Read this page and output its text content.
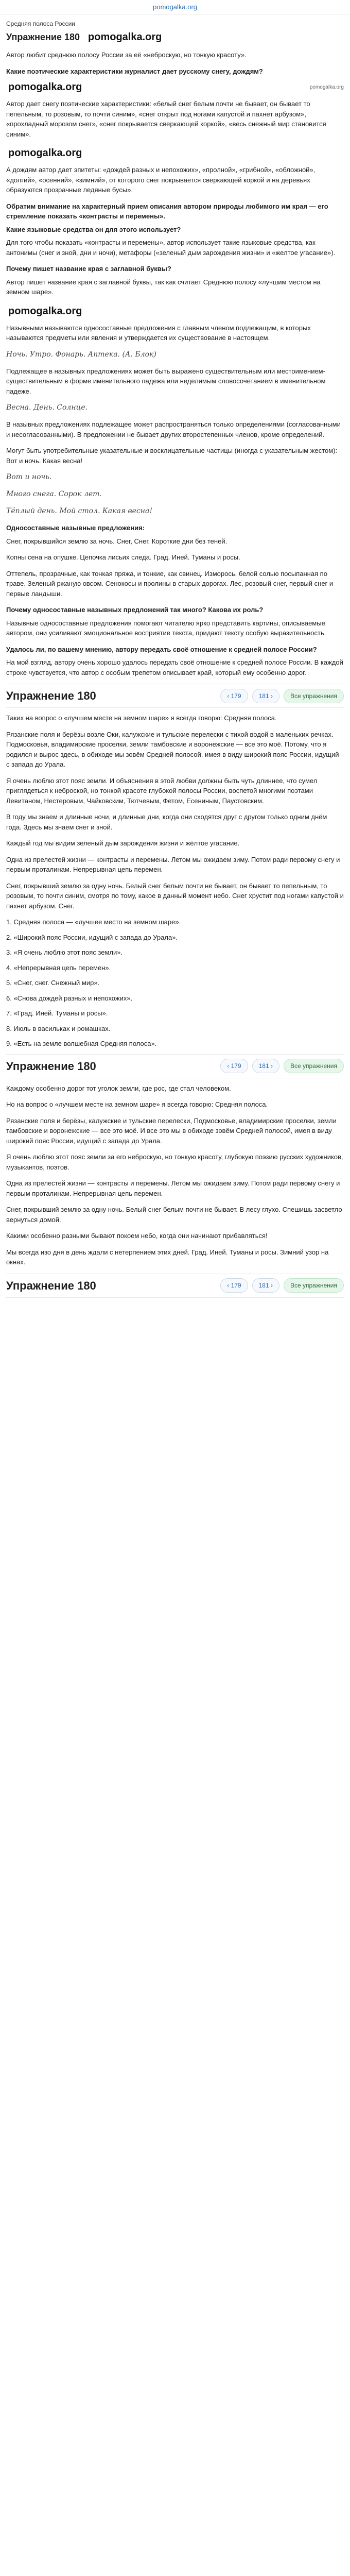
pomogalka.org
Средняя полоса России
Упражнение 180 pomogalka.org

Автор любит среднюю полосу России за её «неброскую, но тонкую красоту».

Какие поэтические характеристики журналист дает русскому снегу, дождям?

pomogalka.org	pomogalka.org

Автор дает снегу поэтические характеристики: «белый снег белым почти не бывает, он бывает то пепельным, то розовым, то почти синим», «снег открыт под ногами капустой и пахнет арбузом», «прохладный морозом снег», «снег покрывается сверкающей коркой», «весь снежный мир становится синим».

pomogalka.org

А дождям автор дает эпитеты: «дождей разных и непохожих», «пролной», «грибной», «обложной», «долгий», «осенний», «зимний», от которого снег покрывается сверкающей коркой и на деревьях образуются прозрачные ледяные бусы».

Обратим внимание на характерный прием описания автором природы любимого им края — его стремление показать «контрасты и перемены».

Какие языковые средства он для этого использует?

Для того чтобы показать «контрасты и перемены», автор использует такие языковые средства, как антонимы (снег и зной, дни и ночи), метафоры («зеленый дым зарождения жизни» и «желтое угасание»).

Почему пишет название края с заглавной буквы?

Автор пишет название края с заглавной буквы, так как считает Среднюю полосу «лучшим местом на земном шаре».

pomogalka.org

Назывными называются односоставные предложения с главным членом подлежащим, в которых называются предметы или явления и утверждается их существование в настоящем.

Ночь. Утро. Фонарь. Аптека. (А. Блок)

Подлежащее в назывных предложениях может быть выражено существительным или местоимением-существительным в форме именительного падежа или неделимым словосочетанием в именительном падеже.

Весна. День. Солнце.

В назывных предложениях подлежащее может распространяться только определениями (согласованными и несогласованными). В предложении не бывает других второстепенных членов, кроме определений.

Могут быть употребительные указательные и восклицательные частицы (иногда с указательным жестом): Вот и ночь. Какая весна!

Вот и ночь.

Много снега. Сорок лет.

Тёплый день. Мой стол. Какая весна!

Односоставные назывные предложения:

Снег, покрывшийся землю за ночь. Снег, Снег. Короткие дни без теней.

Копны сена на опушке. Цепочка лисьих следа. Град. Иней. Туманы и росы.

Оттепель, прозрачные, как тонкая пряжа, и тонкие, как свинец. Изморось, белой солью посыпанная по траве. Зеленый ржаную овсом. Сенокосы и пролины в старых дорогах. Лес, розовый снег, первый снег и первые ландыши.

Почему односоставные назывных предложений так много? Какова их роль?

Назывные односоставные предложения помогают читателю ярко представить картины, описываемые автором, они усиливают эмоциональное восприятие текста, придают тексту особую выразительность.

Удалось ли, по вашему мнению, автору передать своё отношение к средней полосе России?

На мой взгляд, автору очень хорошо удалось передать своё отношение к средней полосе России. В каждой строке чувствуется, что автор с особым трепетом описывает край, который ему особенно дорог.

Упражнение 180	‹ 179	181 ›	Все упражнения

Таких на вопрос о «лучшем месте на земном шаре» я всегда говорю: Средняя полоса.

Рязанские поля и берёзы возле Оки, калужские и тульские перелески с тихой водой в маленьких речках. Подмосковья, владимирские проселки, земли тамбовские и воронежские — все это моё. Потому, что я родился и вырос здесь, в обиходе мы зовём Средней полосой, имея в виду широкий пояс России, идущий с запада до Урала.

Я очень люблю этот пояс земли. И объяснения в этой любви должны быть чуть длиннее, что сумел приглядеться к неброской, но тонкой красоте глубокой полосы России, воспетой многими поэтами Левитаном, Нестеровым, Чайковским, Тютчевым, Фетом, Есениным, Паустовским.

В году мы знаем и длинные ночи, и длинные дни, когда они сходятся друг с другом только одним днём года. Здесь мы знаем снег и зной.

Каждый год мы видим зеленый дым зарождения жизни и жёлтое угасание.

Одна из прелестей жизни — контрасты и перемены. Летом мы ожидаем зиму. Потом ради первому снегу и первым проталинам. Непрерывная цепь перемен.

Снег, покрывший землю за одну ночь. Белый снег белым почти не бывает, он бывает то пепельным, то розовым, то почти синим, смотря по тому, какое в данный момент небо. Снег хрустит под ногами капустой и пахнет арбузом. Снег.

1. Средняя полоса — «лучшее место на земном шаре».
2. «Широкий пояс России, идущий с запада до Урала».
3. «Я очень люблю этот пояс земли».
4. «Непрерывная цепь перемен».
5. «Снег, снег. Снежный мир».
6. «Снова дождей разных и непохожих».
7. «Град. Иней. Туманы и росы».
8. Июль в васильках и ромашках.
9. «Есть на земле волшебная Средняя полоса».
Упражнение 180	‹ 179	181 ›	Все упражнения

Каждому особенно дорог тот уголок земли, где рос, где стал человеком.

Но на вопрос о «лучшем месте на земном шаре» я всегда говорю: Средняя полоса.

Рязанские поля и берёзы, калужские и тульские перелески, Подмосковье, владимирские проселки, земли тамбовские и воронежские — все это моё. И все это мы в обиходе зовём Средней полосой, имея в виду широкий пояс России, идущий с запада до Урала.

Я очень люблю этот пояс земли за его неброскую, но тонкую красоту, глубокую поэзию русских художников, музыкантов, поэтов.

Одна из прелестей жизни — контрасты и перемены. Летом мы ожидаем зиму. Потом ради первому снегу и первым проталинам. Непрерывная цепь перемен.

Снег, покрывший землю за одну ночь. Белый снег белым почти не бывает. В лесу глухо. Спешишь засветло вернуться домой.

Какими особенно разными бывают покоем небо, когда они начинают прибавляться!

Мы всегда изо дня в день ждали с нетерпением этих дней. Град. Иней. Туманы и росы. Зимний узор на окнах.

Упражнение 180	‹ 179	181 ›	Все упражнения
